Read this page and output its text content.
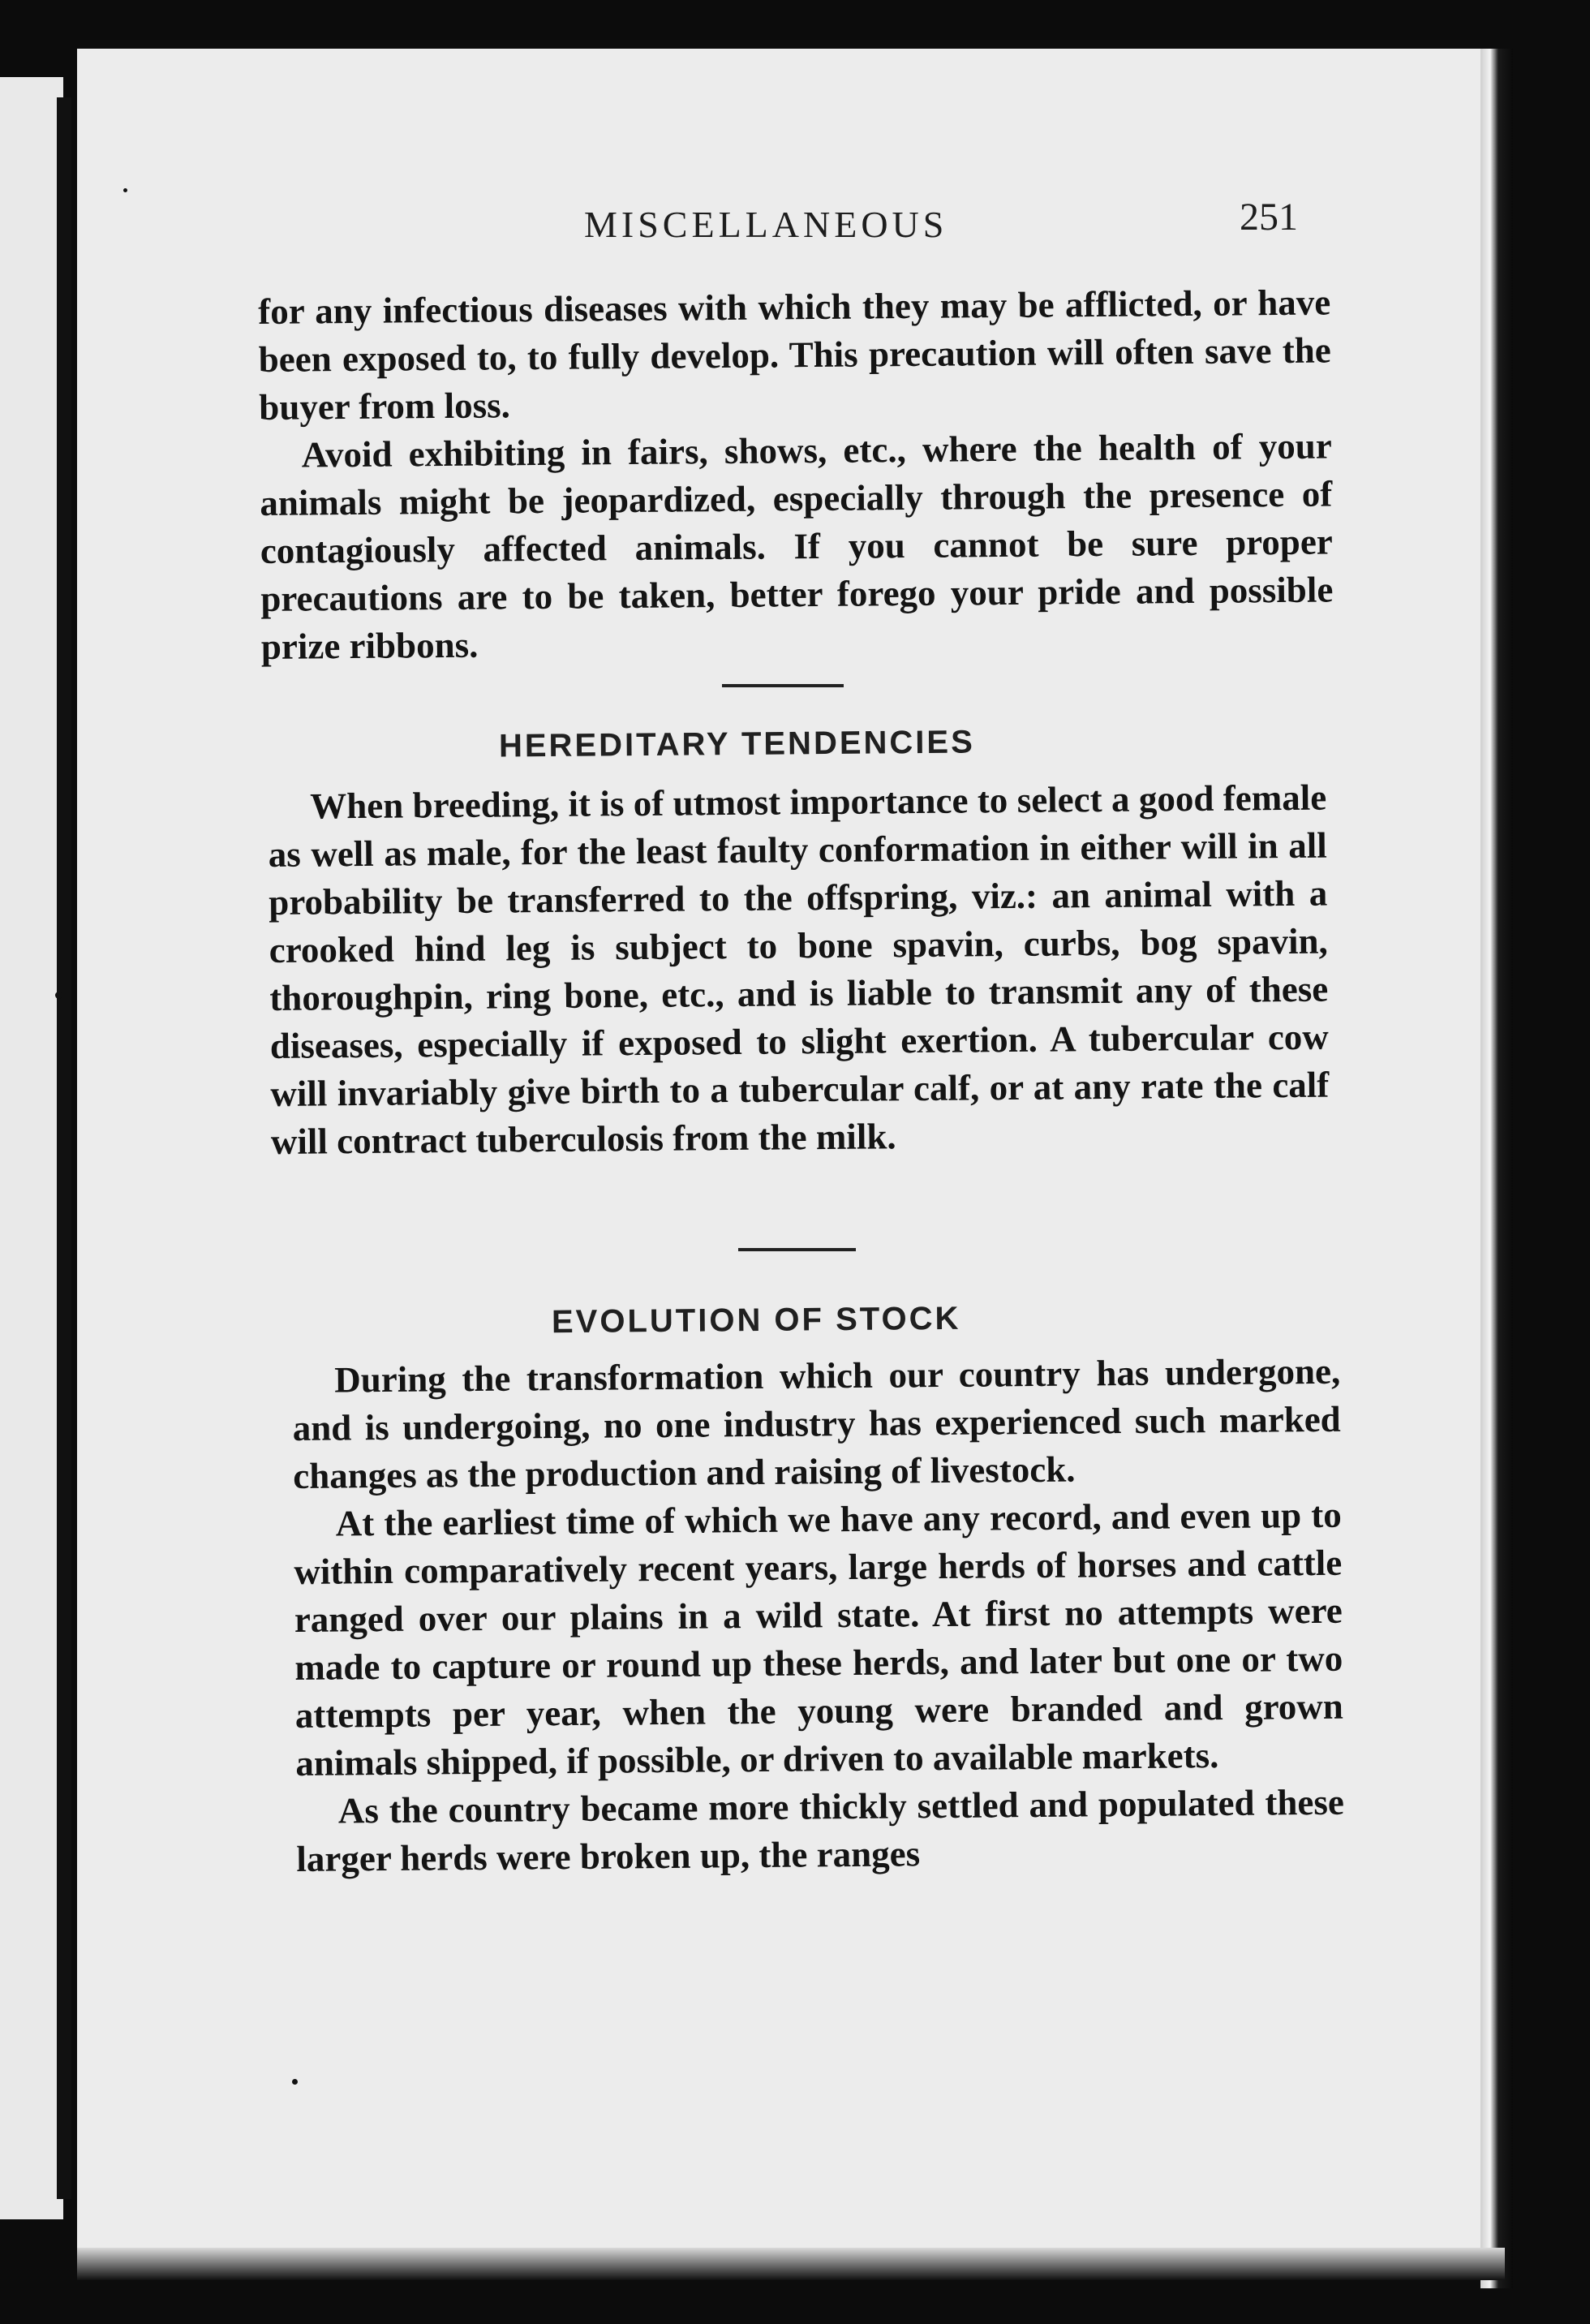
MISCELLANEOUS	251

for any infectious diseases with which they may be afflicted, or have been exposed to, to fully develop. This precaution will often save the buyer from loss.

Avoid exhibiting in fairs, shows, etc., where the health of your animals might be jeopardized, especially through the presence of contagiously affected animals. If you cannot be sure proper precautions are to be taken, better forego your pride and possible prize ribbons.

HEREDITARY TENDENCIES

When breeding, it is of utmost importance to select a good female as well as male, for the least faulty conformation in either will in all probability be transferred to the offspring, viz.: an animal with a crooked hind leg is subject to bone spavin, curbs, bog spavin, thoroughpin, ring bone, etc., and is liable to transmit any of these diseases, especially if exposed to slight exertion. A tubercular cow will invariably give birth to a tubercular calf, or at any rate the calf will contract tuberculosis from the milk.

EVOLUTION OF STOCK

During the transformation which our country has undergone, and is undergoing, no one industry has experienced such marked changes as the production and raising of livestock.

At the earliest time of which we have any record, and even up to within comparatively recent years, large herds of horses and cattle ranged over our plains in a wild state. At first no attempts were made to capture or round up these herds, and later but one or two attempts per year, when the young were branded and grown animals shipped, if possible, or driven to available markets.

As the country became more thickly settled and populated these larger herds were broken up, the ranges
